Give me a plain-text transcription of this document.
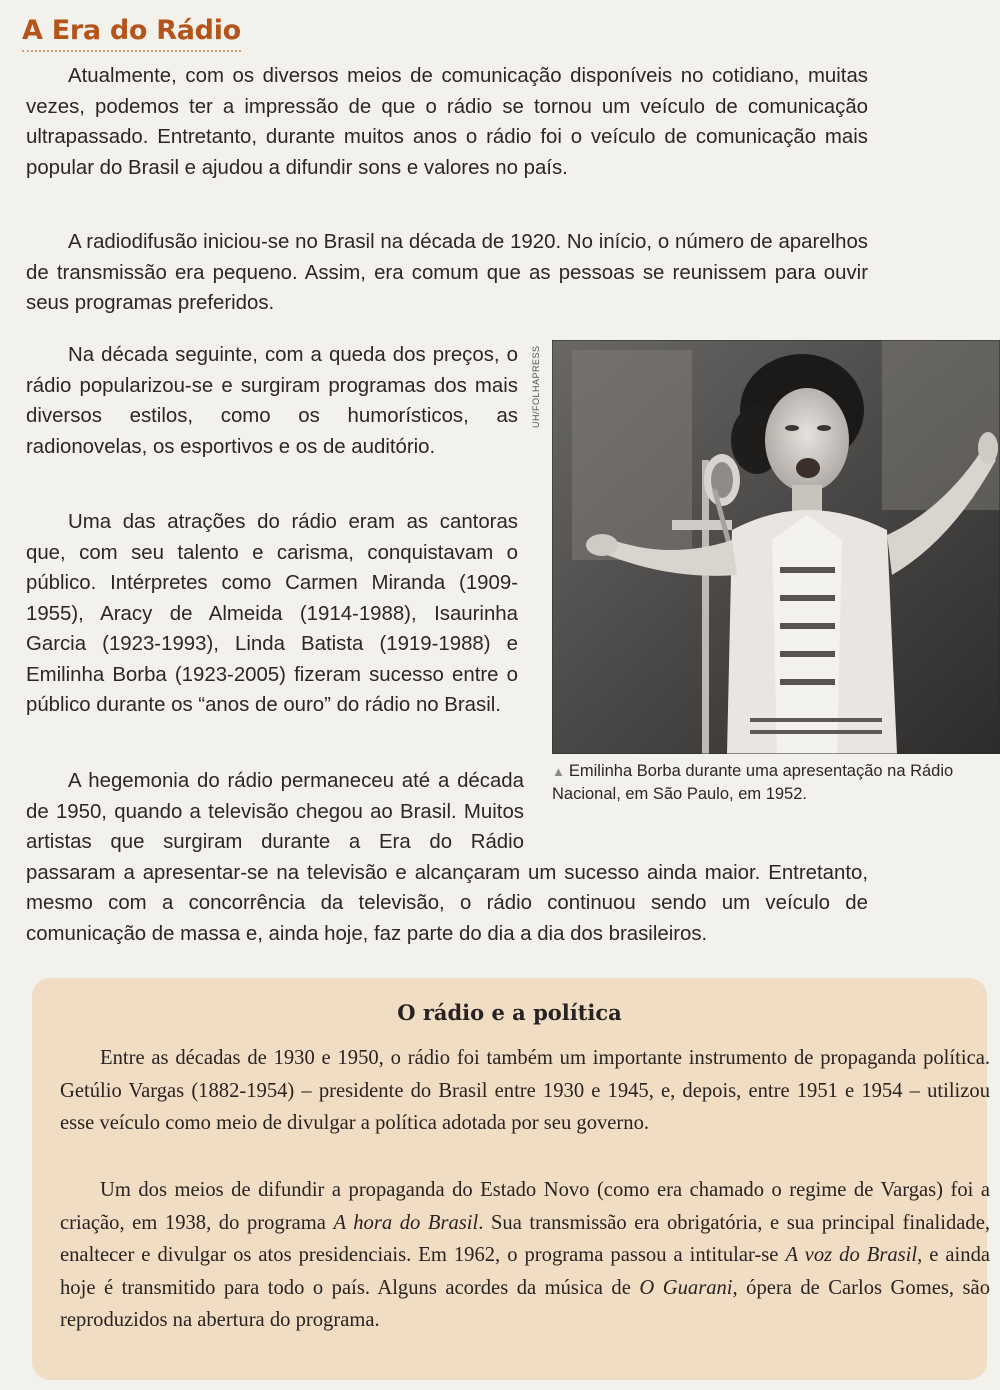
A Era do Rádio

Atualmente, com os diversos meios de comunicação disponíveis no cotidiano, muitas vezes, podemos ter a impressão de que o rádio se tornou um veículo de comunicação ultrapassado. Entretanto, durante muitos anos o rádio foi o veículo de comunicação mais popular do Brasil e ajudou a difundir sons e valores no país.

A radiodifusão iniciou-se no Brasil na década de 1920. No início, o número de aparelhos de transmissão era pequeno. Assim, era comum que as pessoas se reunissem para ouvir seus programas preferidos.

Na década seguinte, com a queda dos preços, o rádio popularizou-se e surgiram programas dos mais diversos estilos, como os humorísticos, as radionovelas, os esportivos e os de auditório.

Uma das atrações do rádio eram as cantoras que, com seu talento e carisma, conquistavam o público. Intérpretes como Carmen Miranda (1909-1955), Aracy de Almeida (1914-1988), Isaurinha Garcia (1923-1993), Linda Batista (1919-1988) e Emilinha Borba (1923-2005) fizeram sucesso entre o público durante os “anos de ouro” do rádio no Brasil.

A hegemonia do rádio permaneceu até a década de 1950, quando a televisão chegou ao Brasil. Muitos artistas que surgiram durante a Era do Rádio passaram a apresentar-se na televisão e alcançaram um sucesso ainda maior. Entretanto, mesmo com a concorrência da televisão, o rádio continuou sendo um veículo de comunicação de massa e, ainda hoje, faz parte do dia a dia dos brasileiros.

UH/FOLHAPRESS

▲ Emilinha Borba durante uma apresentação na Rádio Nacional, em São Paulo, em 1952.

O rádio e a política

Entre as décadas de 1930 e 1950, o rádio foi também um importante instrumento de propaganda política. Getúlio Vargas (1882-1954) – presidente do Brasil entre 1930 e 1945, e, depois, entre 1951 e 1954 – utilizou esse veículo como meio de divulgar a política adotada por seu governo.

Um dos meios de difundir a propaganda do Estado Novo (como era chamado o regime de Vargas) foi a criação, em 1938, do programa A hora do Brasil. Sua transmissão era obrigatória, e sua principal finalidade, enaltecer e divulgar os atos presidenciais. Em 1962, o programa passou a intitular-se A voz do Brasil, e ainda hoje é transmitido para todo o país. Alguns acordes da música de O Guarani, ópera de Carlos Gomes, são reproduzidos na abertura do programa.
